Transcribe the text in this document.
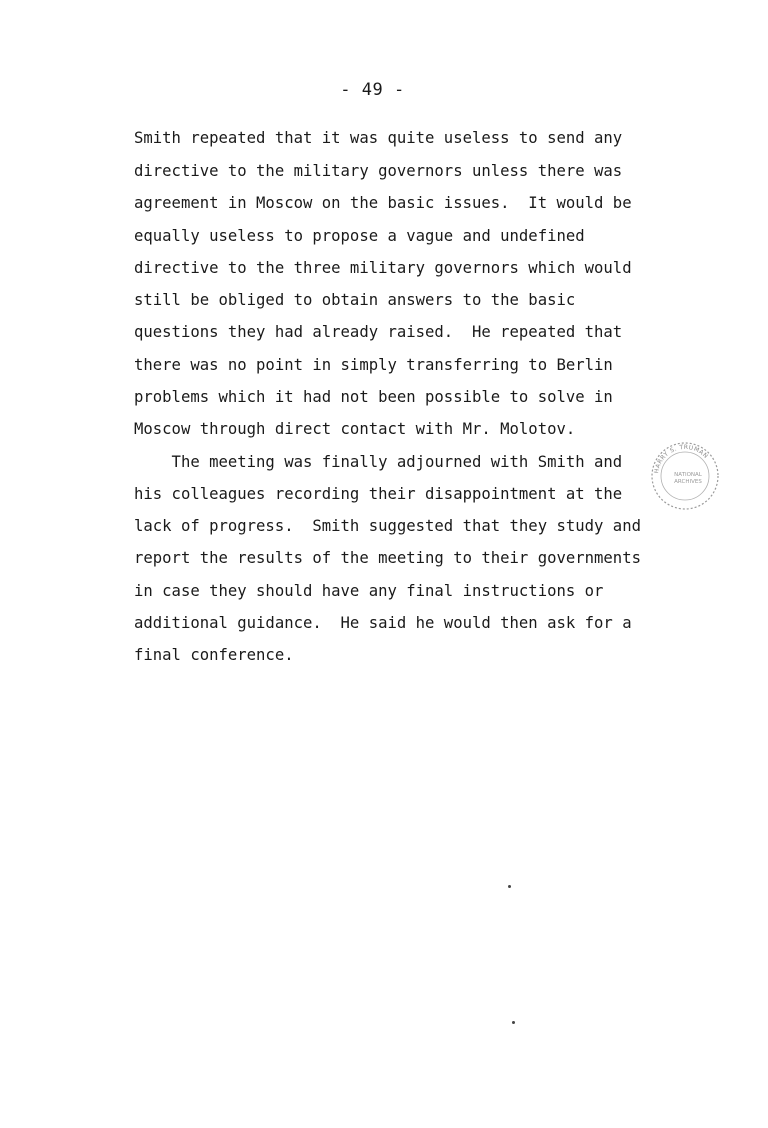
- 49 -
Smith repeated that it was quite useless to send any
directive to the military governors unless there was
agreement in Moscow on the basic issues.  It would be
equally useless to propose a vague and undefined
directive to the three military governors which would
still be obliged to obtain answers to the basic
questions they had already raised.  He repeated that
there was no point in simply transferring to Berlin
problems which it had not been possible to solve in
Moscow through direct contact with Mr. Molotov.
The meeting was finally adjourned with Smith and
his colleagues recording their disappointment at the
lack of progress.  Smith suggested that they study and
report the results of the meeting to their governments
in case they should have any final instructions or
additional guidance.  He said he would then ask for a
final conference.
HARRY S. TRUMAN
NATIONAL
ARCHIVES
